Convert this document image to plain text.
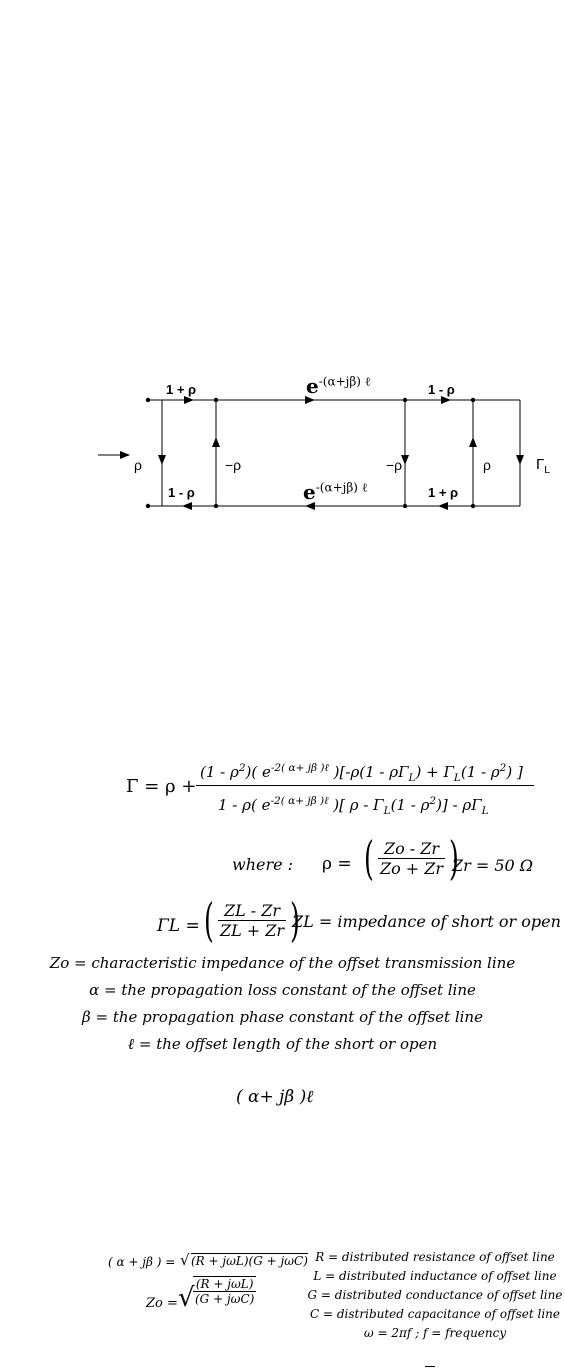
1 + ρ	$e^{-(\alpha+j\beta) \ell}$
1 - ρ
1 - ρ	$e^{-(\alpha+j\beta) \ell}$	1 + ρ
ρ	−ρ	−ρ	ρ	$\Gamma_L$
Γ = ρ +
$(1 - \rho^2)$( $e^{-2( \alpha+ j\beta )\ell}$ )[$-\rho(1 - \rho\Gamma_L) + \Gamma_L(1 - \rho^2)$ ]
1 - ρ( $e^{-2( \alpha+ j\beta )\ell}$ )[ ρ - $\Gamma_L(1 - \rho^2)] - \rho\Gamma_L$
where : ρ = ( $\frac{Zo - Zr}{Zo + Zr}$ )
Zr = 50 Ω
ΓL = ( $\frac{ZL - Zr}{ZL + Zr}$ )
ZL = impedance of short or open
Zo = characteristic impedance of the offset transmission line
α = the propagation loss constant of the offset line
β = the propagation phase constant of the offset line
ℓ = the offset length of the short or open
( α+ jβ )ℓ
( α + jβ ) = √ (R + jωL)(G + jωC)
Zo = √
$\frac{\text{(R + jωL)}}{\text{(G + jωC)}}$
R = distributed resistance of offset line
L = distributed inductance of offset line
G = distributed conductance of offset line
C = distributed capacitance of offset line
ω = 2πf ; f = frequency
